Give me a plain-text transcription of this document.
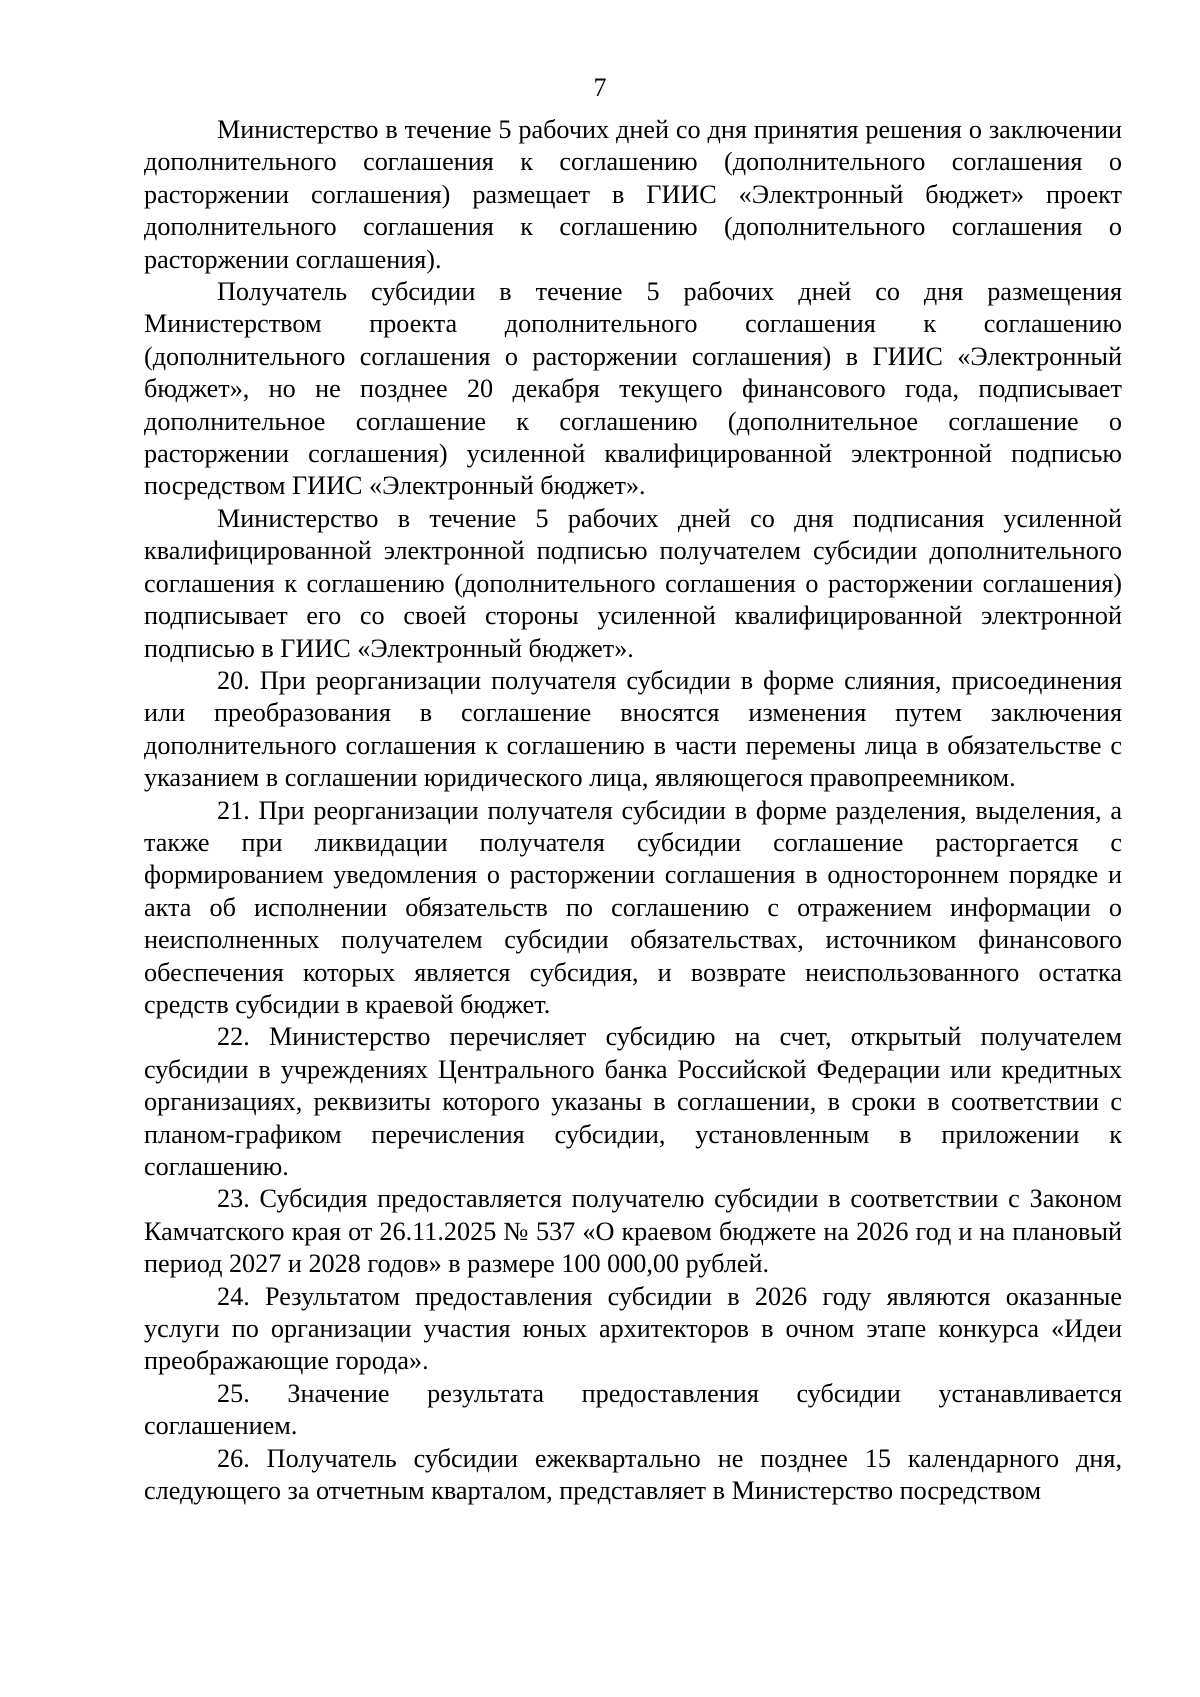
7

Министерство в течение 5 рабочих дней со дня принятия решения о заключении дополнительного соглашения к соглашению (дополнительного соглашения о расторжении соглашения) размещает в ГИИС «Электронный бюджет» проект дополнительного соглашения к соглашению (дополнительного соглашения о расторжении соглашения).

Получатель субсидии в течение 5 рабочих дней со дня размещения Министерством проекта дополнительного соглашения к соглашению (дополнительного соглашения о расторжении соглашения) в ГИИС «Электронный бюджет», но не позднее 20 декабря текущего финансового года, подписывает дополнительное соглашение к соглашению (дополнительное соглашение о расторжении соглашения) усиленной квалифицированной электронной подписью посредством ГИИС «Электронный бюджет».

Министерство в течение 5 рабочих дней со дня подписания усиленной квалифицированной электронной подписью получателем субсидии дополнительного соглашения к соглашению (дополнительного соглашения о расторжении соглашения) подписывает его со своей стороны усиленной квалифицированной электронной подписью в ГИИС «Электронный бюджет».

20. При реорганизации получателя субсидии в форме слияния, присоединения или преобразования в соглашение вносятся изменения путем заключения дополнительного соглашения к соглашению в части перемены лица в обязательстве с указанием в соглашении юридического лица, являющегося правопреемником.

21. При реорганизации получателя субсидии в форме разделения, выделения, а также при ликвидации получателя субсидии соглашение расторгается с формированием уведомления о расторжении соглашения в одностороннем порядке и акта об исполнении обязательств по соглашению с отражением информации о неисполненных получателем субсидии обязательствах, источником финансового обеспечения которых является субсидия, и возврате неиспользованного остатка средств субсидии в краевой бюджет.

22. Министерство перечисляет субсидию на счет, открытый получателем субсидии в учреждениях Центрального банка Российской Федерации или кредитных организациях, реквизиты которого указаны в соглашении, в сроки в соответствии с планом-графиком перечисления субсидии, установленным в приложении к соглашению.

23. Субсидия предоставляется получателю субсидии в соответствии с Законом Камчатского края от 26.11.2025 № 537 «О краевом бюджете на 2026 год и на плановый период 2027 и 2028 годов» в размере 100 000,00 рублей.

24. Результатом предоставления субсидии в 2026 году являются оказанные услуги по организации участия юных архитекторов в очном этапе конкурса «Идеи преображающие города».

25. Значение результата предоставления субсидии устанавливается соглашением.

26. Получатель субсидии ежеквартально не позднее 15 календарного дня, следующего за отчетным кварталом, представляет в Министерство посредством
